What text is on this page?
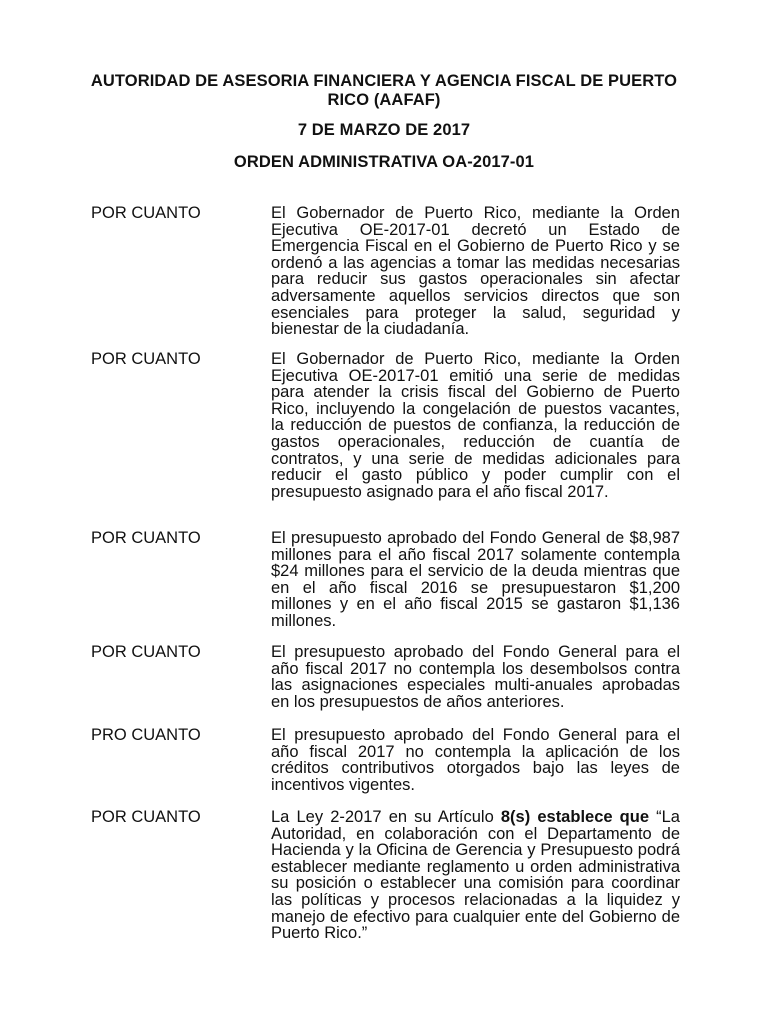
AUTORIDAD DE ASESORIA FINANCIERA Y AGENCIA FISCAL DE PUERTO RICO (AAFAF)
7 DE MARZO DE 2017
ORDEN ADMINISTRATIVA OA-2017-01
POR CUANTO	El Gobernador de Puerto Rico, mediante la Orden Ejecutiva OE-2017-01 decretó un Estado de Emergencia Fiscal en el Gobierno de Puerto Rico y se ordenó a las agencias a tomar las medidas necesarias para reducir sus gastos operacionales sin afectar adversamente aquellos servicios directos que son esenciales para proteger la salud, seguridad y bienestar de la ciudadanía.
POR CUANTO	El Gobernador de Puerto Rico, mediante la Orden Ejecutiva OE-2017-01 emitió una serie de medidas para atender la crisis fiscal del Gobierno de Puerto Rico, incluyendo la congelación de puestos vacantes, la reducción de puestos de confianza, la reducción de gastos operacionales, reducción de cuantía de contratos, y una serie de medidas adicionales para reducir el gasto público y poder cumplir con el presupuesto asignado para el año fiscal 2017.
POR CUANTO	El presupuesto aprobado del Fondo General de $8,987 millones para el año fiscal 2017 solamente contempla $24 millones para el servicio de la deuda mientras que en el año fiscal 2016 se presupuestaron $1,200 millones y en el año fiscal 2015 se gastaron $1,136 millones.
POR CUANTO	El presupuesto aprobado del Fondo General para el año fiscal 2017 no contempla los desembolsos contra las asignaciones especiales multi-anuales aprobadas en los presupuestos de años anteriores.
PRO CUANTO	El presupuesto aprobado del Fondo General para el año fiscal 2017 no contempla la aplicación de los créditos contributivos otorgados bajo las leyes de incentivos vigentes.
POR CUANTO	La Ley 2-2017 en su Artículo 8(s) establece que “La Autoridad, en colaboración con el Departamento de Hacienda y la Oficina de Gerencia y Presupuesto podrá establecer mediante reglamento u orden administrativa su posición o establecer una comisión para coordinar las políticas y procesos relacionadas a la liquidez y manejo de efectivo para cualquier ente del Gobierno de Puerto Rico.”
